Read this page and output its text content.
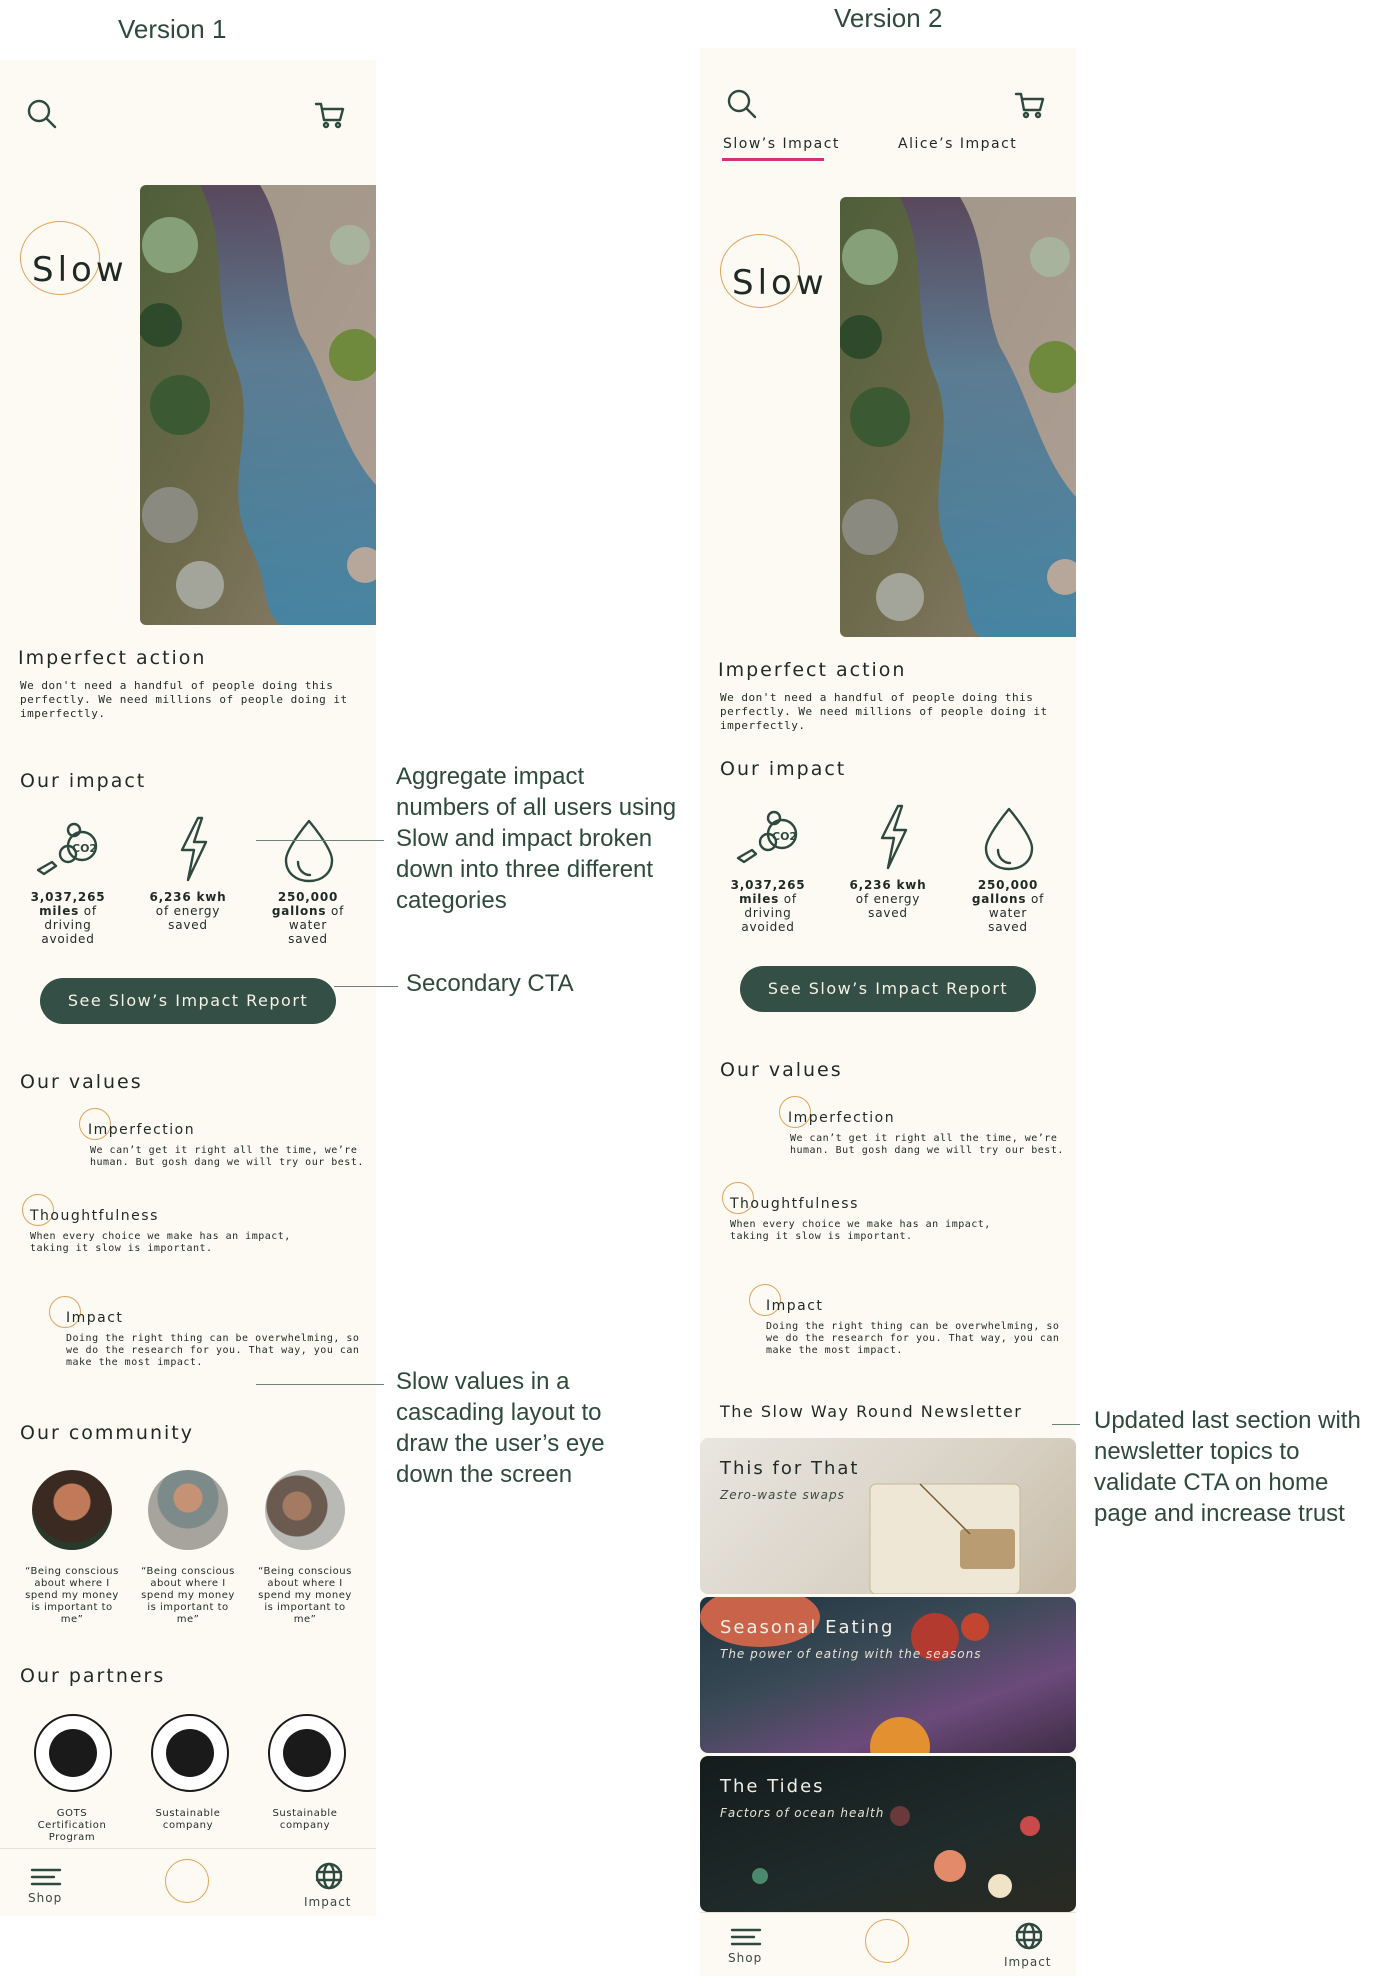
Version 1	Version 2
Slow
Imperfect action
We don't need a handful of people doing this
perfectly. We need millions of people doing it
imperfectly.
Our impact
CO2
3,037,265
miles of
driving
avoided
6,236 kwh
of energy
saved
250,000
gallons of
water
saved
See Slow’s Impact Report
Our values
Imperfection
We can’t get it right all the time, we’re
human. But gosh dang we will try our best.
Thoughtfulness
When every choice we make has an impact,
taking it slow is important.
Impact
Doing the right thing can be overwhelming, so
we do the research for you. That way, you can
make the most impact.
Our community
“Being conscious
about where I
spend my money
is important to
me”
“Being conscious
about where I
spend my money
is important to
me”
“Being conscious
about where I
spend my money
is important to
me”
Our partners
GOTS
Certification
Program
Sustainable
company
Sustainable
company
Shop	Impact
Slow’s Impact	Alice’s Impact
Slow
Imperfect action
We don't need a handful of people doing this
perfectly. We need millions of people doing it
imperfectly.
Our impact
CO2
3,037,265
miles of
driving
avoided
6,236 kwh
of energy
saved
250,000
gallons of
water
saved
See Slow’s Impact Report
Our values
Imperfection
We can’t get it right all the time, we’re
human. But gosh dang we will try our best.
Thoughtfulness
When every choice we make has an impact,
taking it slow is important.
Impact
Doing the right thing can be overwhelming, so
we do the research for you. That way, you can
make the most impact.
The Slow Way Round Newsletter
This for That
Zero-waste swaps
Seasonal Eating
The power of eating with the seasons
The Tides
Factors of ocean health
Shop	Impact
Aggregate impact
numbers of all users using
Slow and impact broken
down into three different
categories
Secondary CTA
Slow values in a
cascading layout to
draw the user’s eye
down the screen
Updated last section with
newsletter topics to
validate CTA on home
page and increase trust
